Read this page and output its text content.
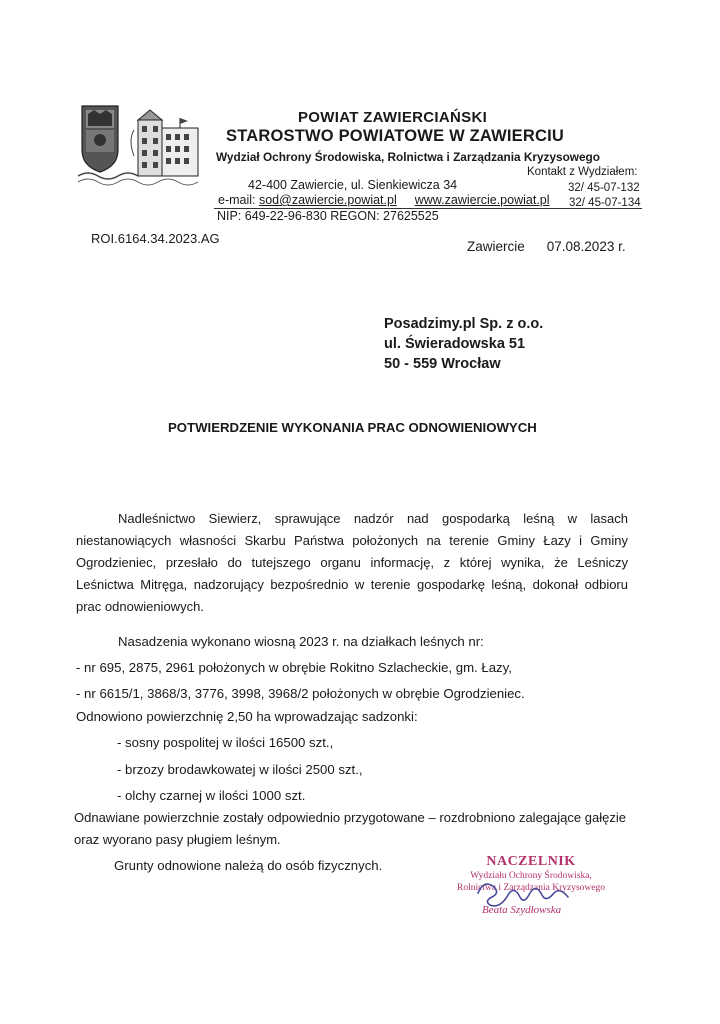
POWIAT ZAWIERCIAŃSKI
STAROSTWO POWIATOWE W ZAWIERCIU
Wydział Ochrony Środowiska, Rolnictwa i Zarządzania Kryzysowego
Kontakt z Wydziałem:
42-400 Zawiercie, ul. Sienkiewicza 34	32/ 45-07-132
e-mail: sod@zawiercie.powiat.pl www.zawiercie.powiat.pl 32/ 45-07-134
NIP: 649-22-96-830 REGON: 27625525
ROI.6164.34.2023.AG
Zawiercie 07.08.2023 r.
Posadzimy.pl Sp. z o.o.
ul. Świeradowska 51
50 - 559 Wrocław
POTWIERDZENIE WYKONANIA PRAC ODNOWIENIOWYCH

Nadleśnictwo Siewierz, sprawujące nadzór nad gospodarką leśną w lasach niestanowiących własności Skarbu Państwa położonych na terenie Gminy Łazy i Gminy Ogrodzieniec, przesłało do tutejszego organu informację, z której wynika, że Leśniczy Leśnictwa Mitręga, nadzorujący bezpośrednio w terenie gospodarkę leśną, dokonał odbioru prac odnowieniowych.

Nasadzenia wykonano wiosną 2023 r. na działkach leśnych nr:

- nr 695, 2875, 2961 położonych w obrębie Rokitno Szlacheckie, gm. Łazy,

- nr 6615/1, 3868/3, 3776, 3998, 3968/2 położonych w obrębie Ogrodzieniec.

Odnowiono powierzchnię 2,50 ha wprowadzając sadzonki:

- sosny pospolitej w ilości 16500 szt.,

- brzozy brodawkowatej w ilości 2500 szt.,

- olchy czarnej w ilości 1000 szt.

Odnawiane powierzchnie zostały odpowiednio przygotowane – rozdrobniono zalegające gałęzie oraz wyorano pasy pługiem leśnym.

Grunty odnowione należą do osób fizycznych.	NACZELNIK
Wydziału Ochrony Środowiska,
Rolnictwa i Zarządzania Kryzysowego
Beata Szydłowska
